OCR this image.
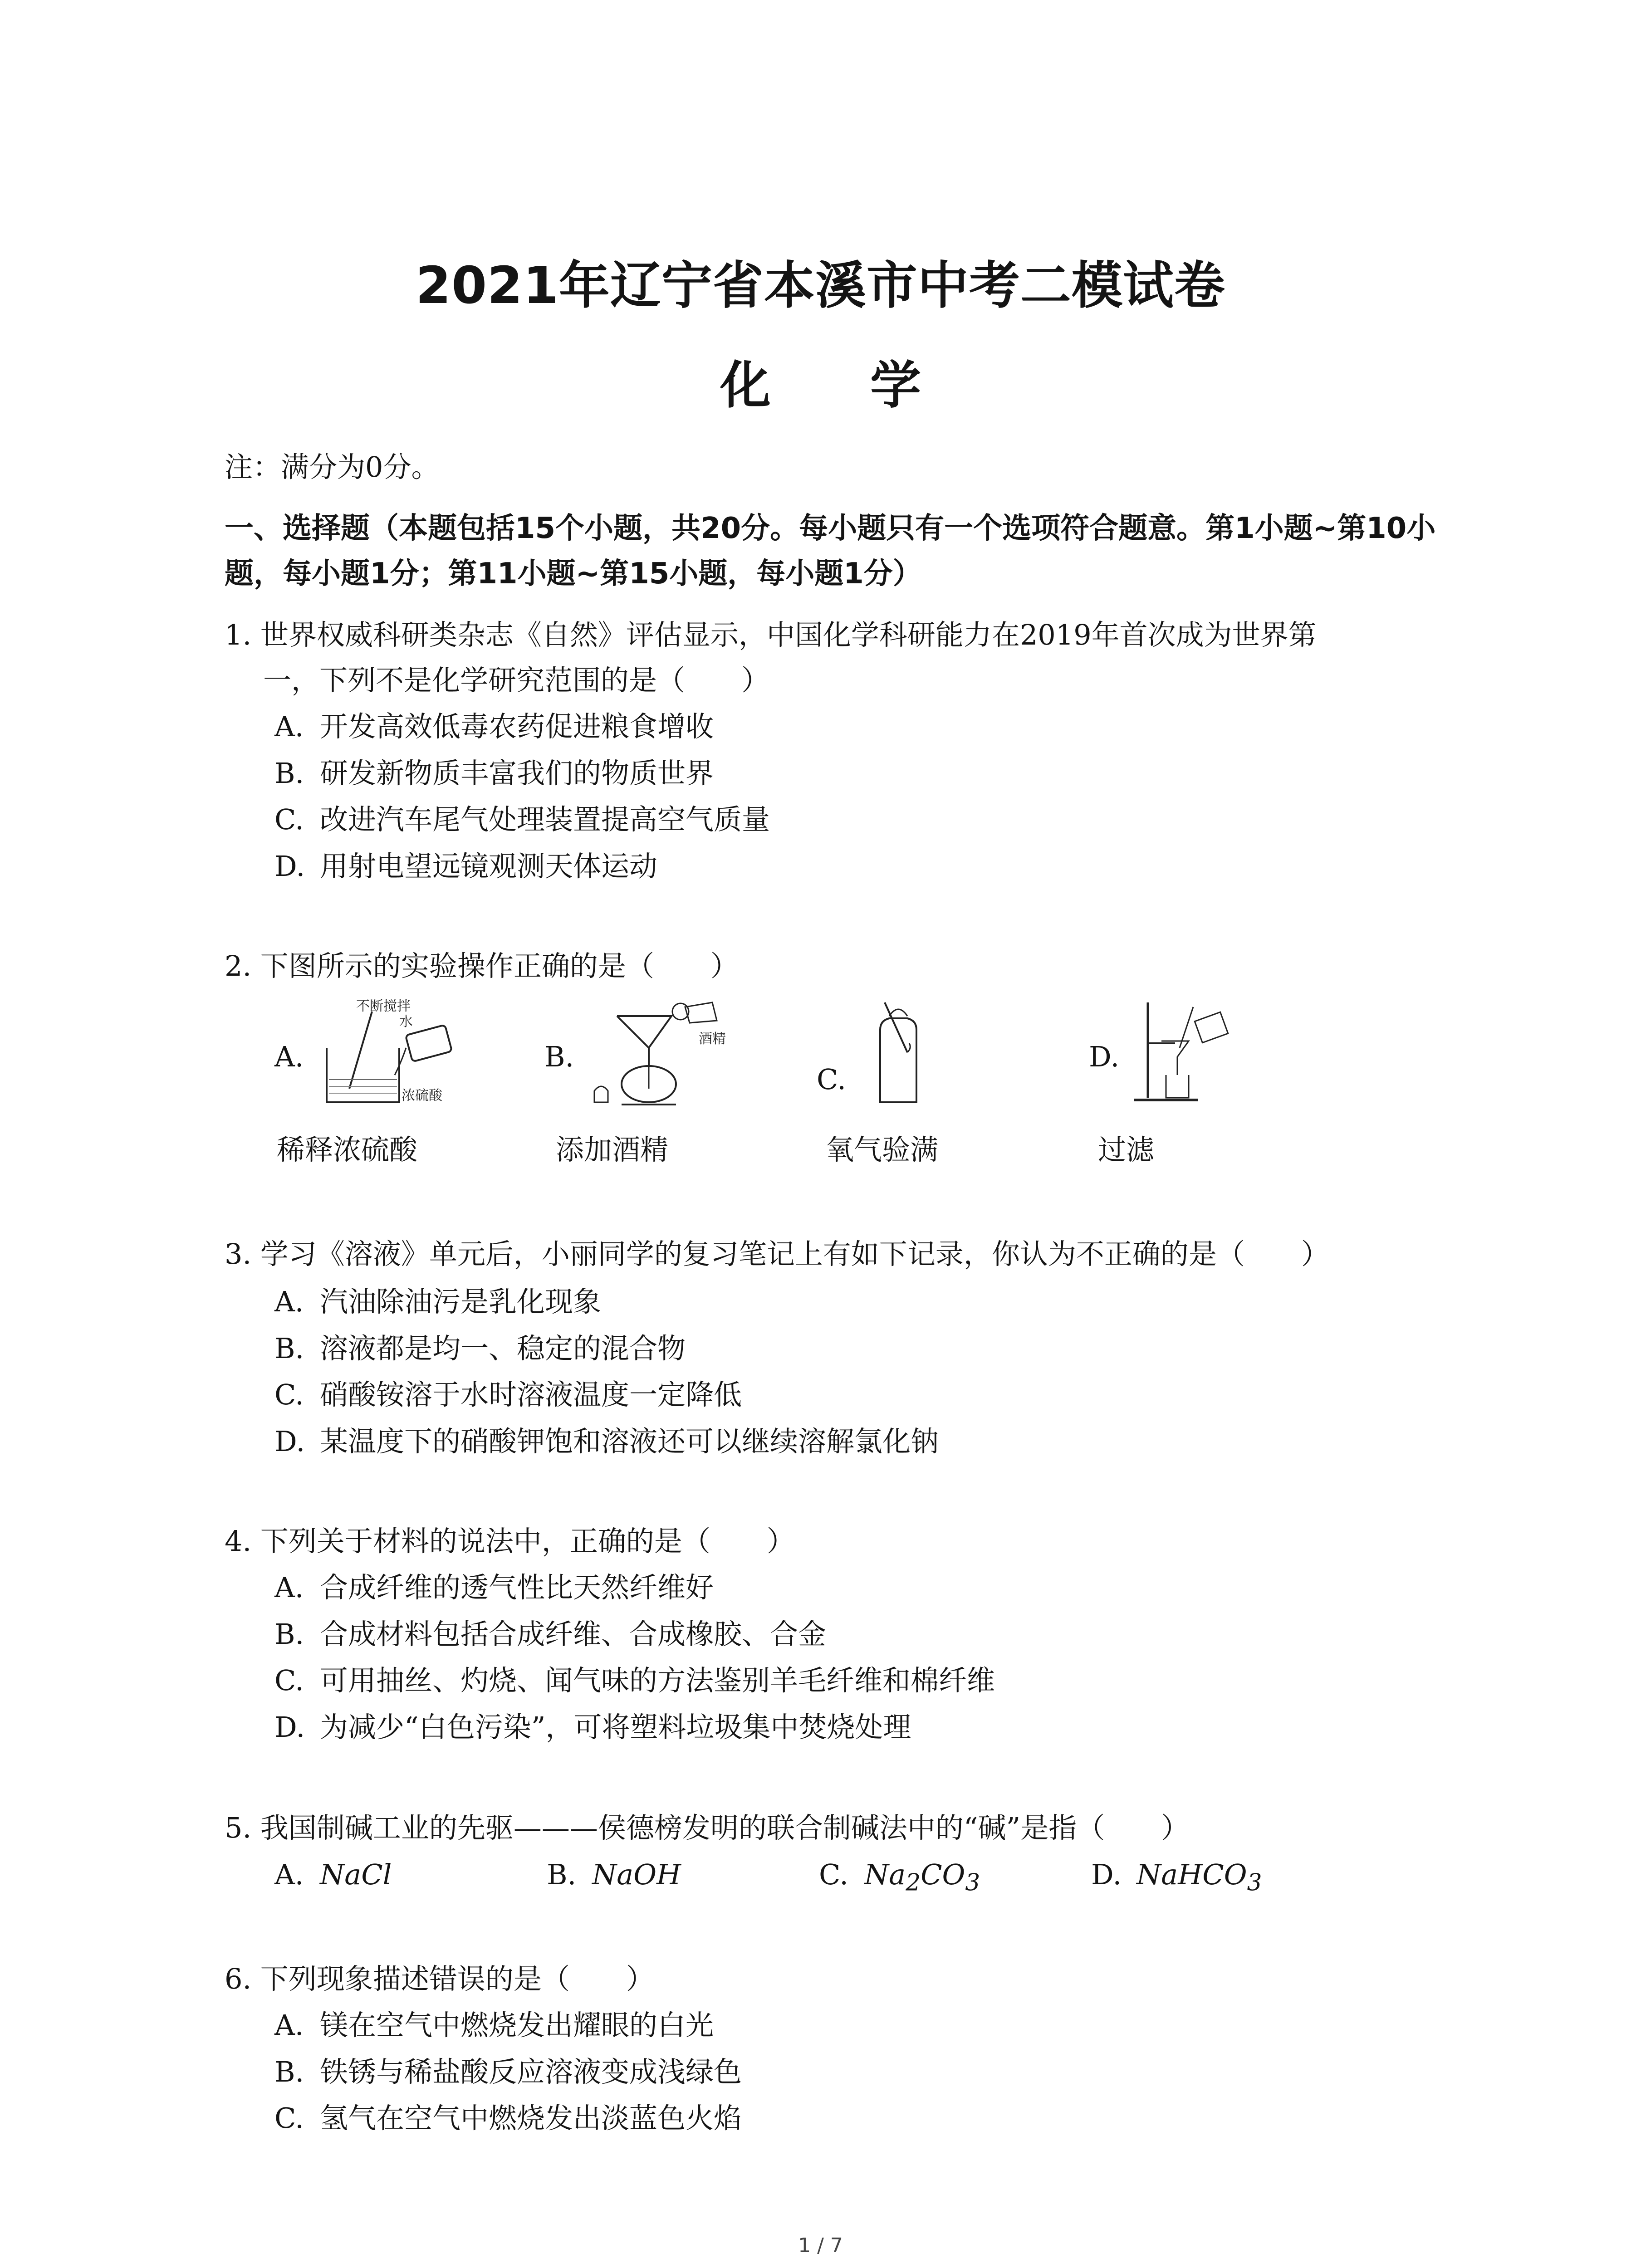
2021年辽宁省本溪市中考二模试卷
化 学
注：满分为0分。
一、选择题（本题包括15个小题，共20分。每小题只有一个选项符合题意。第1小题~第10小
题，每小题1分；第11小题~第15小题，每小题1分）
1. 世界权威科研类杂志《自然》评估显示，中国化学科研能力在2019年首次成为世界第
一，下列不是化学研究范围的是（　　）
A. 开发高效低毒农药促进粮食增收
B. 研发新物质丰富我们的物质世界
C. 改进汽车尾气处理装置提高空气质量
D. 用射电望远镜观测天体运动
2. 下图所示的实验操作正确的是（　　）
A.
不断搅拌
水
浓硫酸
B.
酒精
C.
D.
稀释浓硫酸	添加酒精	氧气验满	过滤
3. 学习《溶液》单元后，小丽同学的复习笔记上有如下记录，你认为不正确的是（　　）
A. 汽油除油污是乳化现象
B. 溶液都是均一、稳定的混合物
C. 硝酸铵溶于水时溶液温度一定降低
D. 某温度下的硝酸钾饱和溶液还可以继续溶解氯化钠
4. 下列关于材料的说法中，正确的是（　　）
A. 合成纤维的透气性比天然纤维好
B. 合成材料包括合成纤维、合成橡胶、合金
C. 可用抽丝、灼烧、闻气味的方法鉴别羊毛纤维和棉纤维
D. 为减少“白色污染”，可将塑料垃圾集中焚烧处理
5. 我国制碱工业的先驱———侯德榜发明的联合制碱法中的“碱”是指（　　）
A. NaCl	B. NaOH	C. $Na_2CO_3$	D. NaHCO$_3$
6. 下列现象描述错误的是（　　）
A. 镁在空气中燃烧发出耀眼的白光
B. 铁锈与稀盐酸反应溶液变成浅绿色
C. 氢气在空气中燃烧发出淡蓝色火焰
1 / 7
